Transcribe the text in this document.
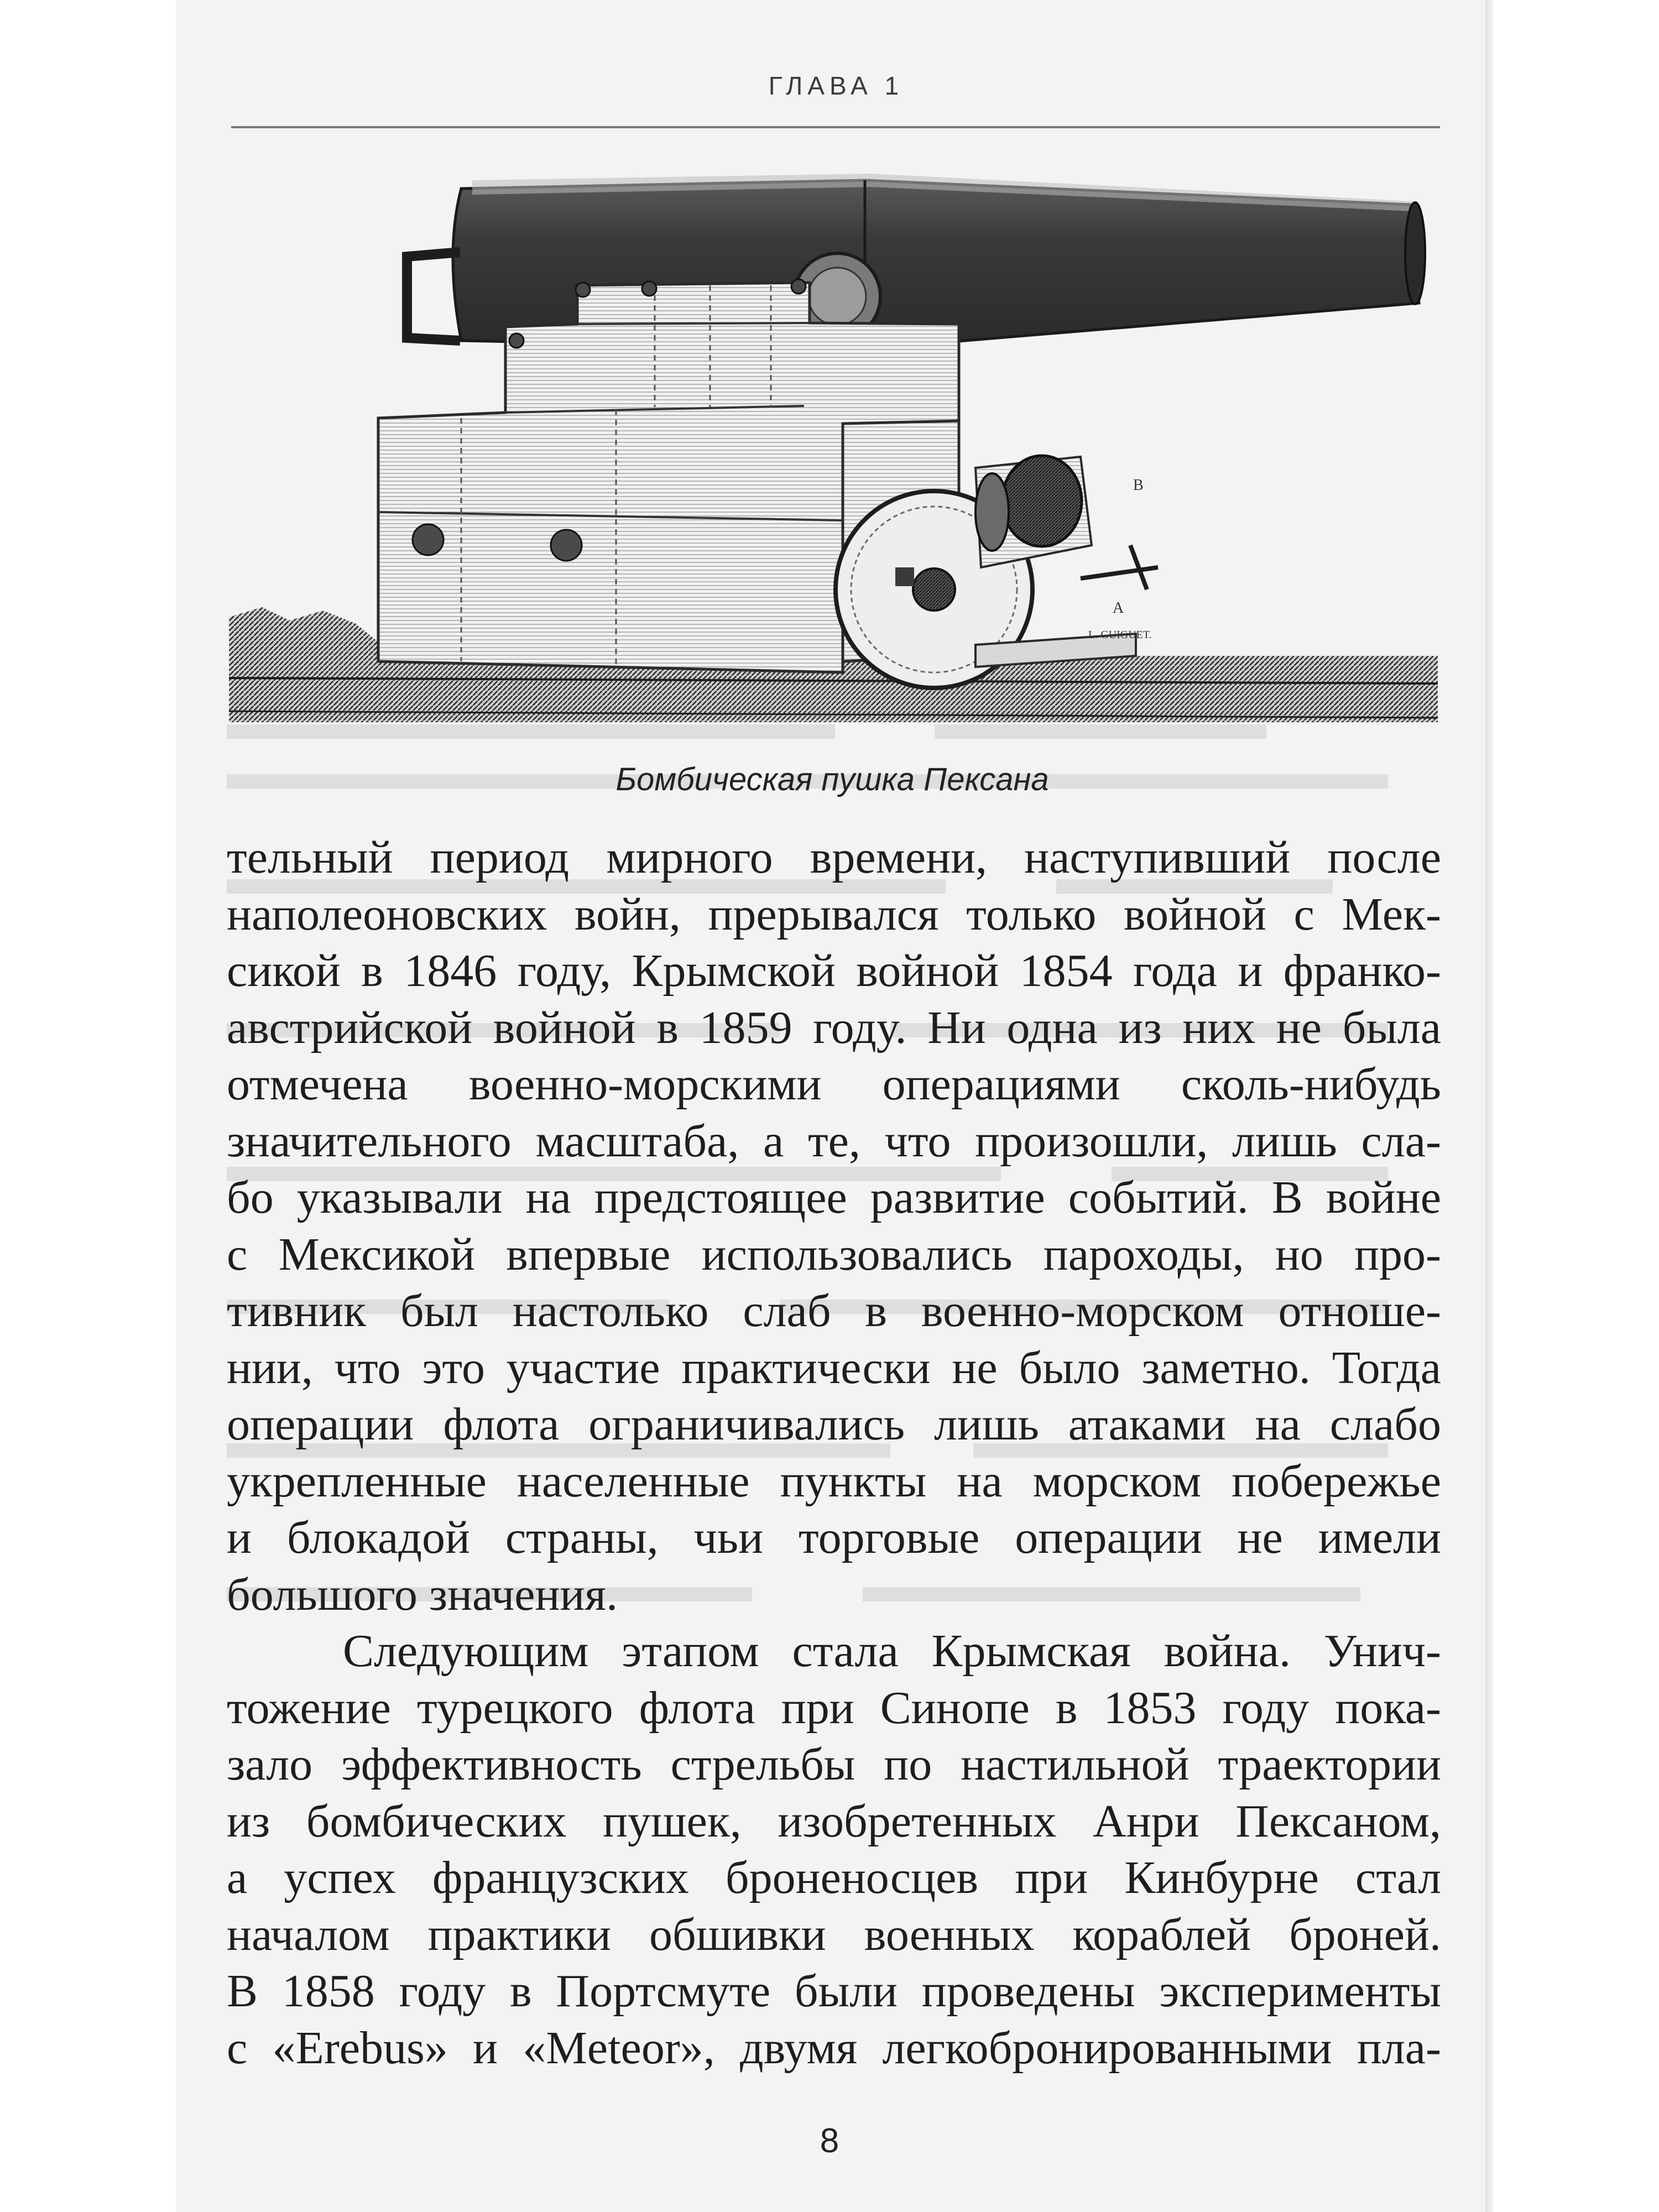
ГЛАВА 1
B
A
L. GUIGUET.
Бомбическая пушка Пексана
тельный период мирного времени, наступивший после
наполеоновских войн, прерывался только войной с Мек-
сикой в 1846 году, Крымской войной 1854 года и франко-
австрийской войной в 1859 году. Ни одна из них не была
отмечена военно-морскими операциями сколь-нибудь
значительного масштаба, а те, что произошли, лишь сла-
бо указывали на предстоящее развитие событий. В войне
с Мексикой впервые использовались пароходы, но про-
тивник был настолько слаб в военно-морском отноше-
нии, что это участие практически не было заметно. Тогда
операции флота ограничивались лишь атаками на слабо
укрепленные населенные пункты на морском побережье
и блокадой страны, чьи торговые операции не имели
большого значения.
Следующим этапом стала Крымская война. Унич-
тожение турецкого флота при Синопе в 1853 году пока-
зало эффективность стрельбы по настильной траектории
из бомбических пушек, изобретенных Анри Пексаном,
а успех французских броненосцев при Кинбурне стал
началом практики обшивки военных кораблей броней.
В 1858 году в Портсмуте были проведены эксперименты
с «Erebus» и «Meteor», двумя легкобронированными пла-
8
